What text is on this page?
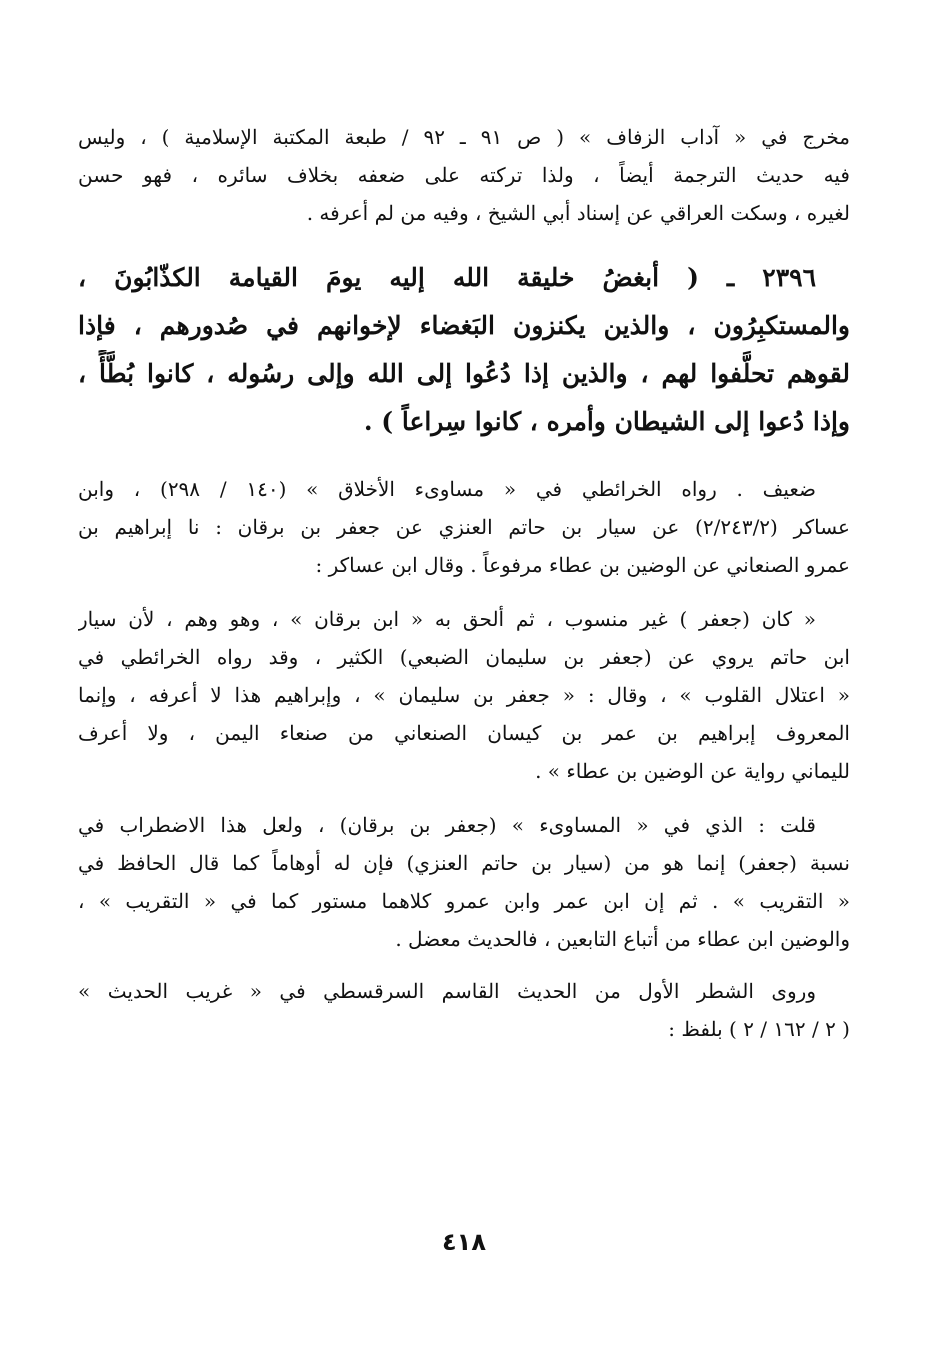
مخرج في « آداب الزفاف » ( ص ٩١ ـ ٩٢ / طبعة المكتبة الإسلامية ) ، وليس
فيه حديث الترجمة أيضاً ، ولذا تركته على ضعفه بخلاف سائره ، فهو حسن
لغيره ، وسكت العراقي عن إسناد أبي الشيخ ، وفيه من لم أعرفه .
٢٣٩٦ ـ ( أبغضُ خليقة الله إليه يومَ القيامة الكذّابُونَ ،
والمستكبِرُون ، والذين يكنزون البَغضاء لإخوانهم في صُدورهم ، فإذا
لقوهم تحلَّفوا لهم ، والذين إذا دُعُوا إلى الله وإلى رسُوله ، كانوا بُطَّأً ،
وإذا دُعوا إلى الشيطان وأمره ، كانوا سِراعاً ) .
ضعيف . رواه الخرائطي في « مساوىء الأخلاق » (١٤٠ / ٢٩٨) ، وابن
عساكر (٢/٢٤٣/٢) عن سيار بن حاتم العنزي عن جعفر بن برقان : نا إبراهيم بن
عمرو الصنعاني عن الوضين بن عطاء مرفوعاً . وقال ابن عساكر :
« كان (جعفر ) غير منسوب ، ثم ألحق به « ابن برقان » ، وهو وهم ، لأن سيار
ابن حاتم يروي عن (جعفر بن سليمان الضبعي) الكثير ، وقد رواه الخرائطي في
« اعتلال القلوب » ، وقال : « جعفر بن سليمان » ، وإبراهيم هذا لا أعرفه ، وإنما
المعروف إبراهيم بن عمر بن كيسان الصنعاني من صنعاء اليمن ، ولا أعرف
لليماني رواية عن الوضين بن عطاء » .
قلت : الذي في « المساوىء » (جعفر بن برقان) ، ولعل هذا الاضطراب في
نسبة (جعفر) إنما هو من (سيار بن حاتم العنزي) فإن له أوهاماً كما قال الحافظ في
« التقريب » . ثم إن ابن عمر وابن عمرو كلاهما مستور كما في « التقريب » ،
والوضين ابن عطاء من أتباع التابعين ، فالحديث معضل .
وروى الشطر الأول من الحديث القاسم السرقسطي في « غريب الحديث »
( ٢ / ١٦٢ / ٢ ) بلفظ :
٤١٨
